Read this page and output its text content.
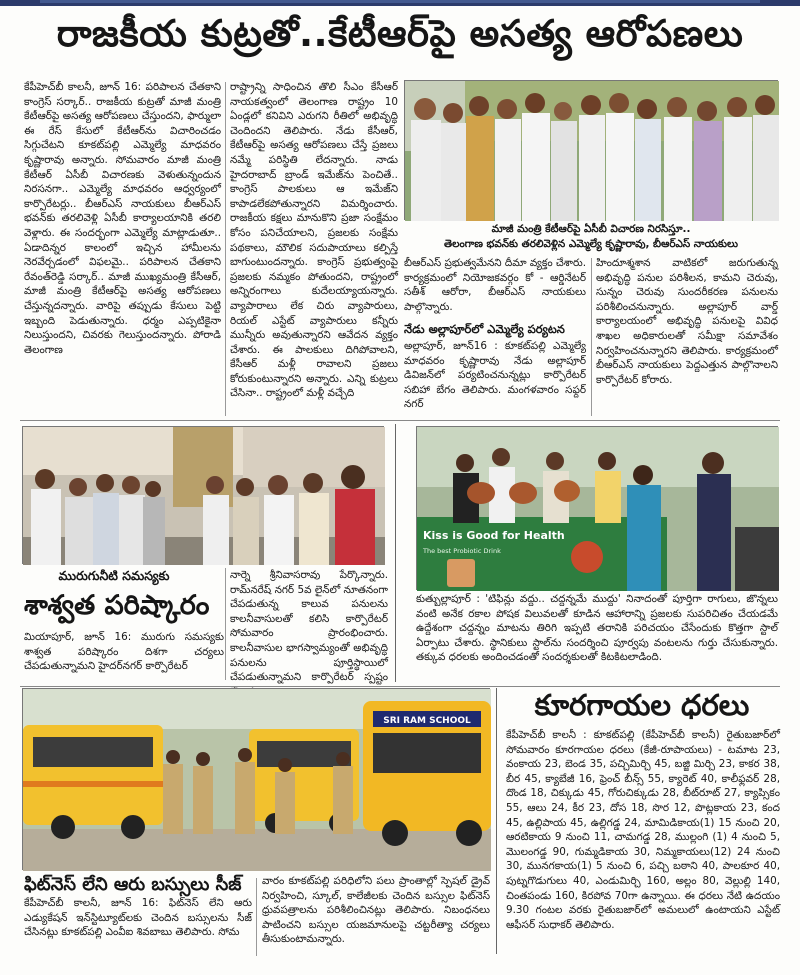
రాజకీయ కుట్రతో..కేటీఆర్‌పై అసత్య ఆరోపణలు
కేపీహెచ్‌బీ కాలనీ, జూన్ 16: పరిపాలన చేతకాని కాంగ్రెస్ సర్కార్.. రాజకీయ కుట్రతో మాజీ మంత్రి కేటీఆర్‌పై అసత్య ఆరోపణలు చేస్తుందని, ఫార్ములా ఈ రేస్ కేసులో కేటీఆర్‌ను విచారించడం సిగ్గుచేటని కూకట్‌పల్లి ఎమ్మెల్యే మాధవరం కృష్ణారావు అన్నారు. సోమవారం మాజీ మంత్రి కేటీఆర్ ఏసీబీ విచారణకు వెళుతున్నందున నిరసనగా.. ఎమ్మెల్యే మాధవరం ఆధ్వర్యంలో కార్పొరేటర్లు.. బీఆర్ఎస్ నాయకులు బీఆర్ఎస్ భవన్‌కు తరలివెళ్లి ఏసీబీ కార్యాలయానికి తరలి వెళ్లారు. ఈ సందర్భంగా ఎమ్మెల్యే మాట్లాడుతూ.. ఏడాదిన్నర కాలంలో ఇచ్చిన హామీలను నెరవేర్చడంలో విఫలమై.. పరిపాలన చేతకాని రేవంత్‌రెడ్డి సర్కార్.. మాజీ ముఖ్యమంత్రి కేసీఆర్, మాజీ మంత్రి కేటీఆర్‌పై అసత్య ఆరోపణలు చేస్తున్నదన్నారు. వారిపై తప్పుడు కేసులు పెట్టి ఇబ్బంది పెడుతున్నారు. ధర్మం ఎప్పటికైనా నిలుస్తుందని, చివరకు గెలుస్తుందన్నారు. పోరాడి తెలంగాణ
రాష్ట్రాన్ని సాధించిన తొలి సీఎం కేసీఆర్ నాయకత్వంలో తెలంగాణ రాష్ట్రం 10 ఏండ్లలో కనివిని ఎరుగని రీతిలో అభివృద్ధి చెందిందని తెలిపారు. నేడు కేసీఆర్, కేటీఆర్‌పై అసత్య ఆరోపణలు చేస్తే ప్రజలు నమ్మే పరిస్థితి లేదన్నారు. నాడు హైదరాబాద్ బ్రాండ్ ఇమేజ్‌ను పెంచితే.. కాంగ్రెస్ పాలకులు ఆ ఇమేజ్‌ని కాపాడలేకపోతున్నారని విమర్శించారు. రాజకీయ కక్షలు మానుకొని ప్రజా సంక్షేమం కోసం పనిచేయాలని, ప్రజలకు సంక్షేమ పథకాలు, మౌలిక సదుపాయాలు కల్పిస్తే బాగుంటుందన్నారు. కాంగ్రెస్ ప్రభుత్వంపై ప్రజలకు నమ్మకం పోతుందని, రాష్ట్రంలో అన్నిరంగాలు కుదేలయ్యాయన్నారు. వ్యాపారాలు లేక చిరు వ్యాపారులు, రియల్ ఎస్టేట్ వ్యాపారులు కన్నీరు మున్నీరు అవుతున్నారని ఆవేదన వ్యక్తం చేశారు. ఈ పాలకులు దిగిపోవాలని, కేసీఆర్ మళ్లీ రావాలని ప్రజలు కోరుకుంటున్నారని అన్నారు. ఎన్ని కుట్రలు చేసినా.. రాష్ట్రంలో మళ్లీ వచ్చేది
మాజీ మంత్రి కేటీఆర్‌పై ఏసీబీ విచారణ నిరసిస్తూ..
తెలంగాణ భవన్‌కు తరలివెళ్లిన ఎమ్మెల్యే కృష్ణారావు, బీఆర్ఎస్ నాయకులు
బీఆర్ఎస్ ప్రభుత్వమేనని దీమా వ్యక్తం చేశారు. కార్యక్రమంలో నియోజకవర్గం కో - ఆర్డినేటర్ సతీశ్ ఆరోరా, బీఆర్ఎస్ నాయకులు పాల్గొన్నారు.
నేడు అల్లాపూర్‌లో ఎమ్మెల్యే పర్యటన
అల్లాపూర్, జూన్16 : కూకట్‌పల్లి ఎమ్మెల్యే మాధవరం కృష్ణారావు నేడు అల్లాపూర్ డివిజన్‌లో పర్యటించనున్నట్లు కార్పొరేటర్ సబిహా బేగం తెలిపారు. మంగళవారం సఫ్దర్ నగర్
హిందూశ్మశాన వాటికలో జరుగుతున్న అభివృద్ధి పనుల పరిశీలన, కామని చెరువు, సున్నం చెరువు సుందరీకరణ పనులను పరిశీలించనున్నారు. అల్లాపూర్ వార్డ్ కార్యాలయంలో అభివృద్ధి పనులపై వివిధ శాఖల అధికారులతో సమీక్షా సమావేశం నిర్వహించనున్నారని తెలిపారు. కార్యక్రమంలో బీఆర్ఎస్ నాయకులు పెద్దఎత్తున పాల్గొనాలని కార్పొరేటర్ కోరారు.
మురుగునీటి సమస్యకు
శాశ్వత పరిష్కారం
మియాపూర్, జూన్ 16: మురుగు సమస్యకు శాశ్వత పరిష్కారం దిశగా చర్యలు చేపడుతున్నామని హైదర్‌నగర్ కార్పొరేటర్
నార్నె శ్రీనివాసరావు పేర్కొన్నారు. రామ్‌నరేష్ నగర్ 5వ లైన్‌లో నూతనంగా చేపడుతున్న కాలువ పనులను కాలనీవాసులతో కలిసి కార్పొరేటర్ సోమవారం ప్రారంభించారు. కాలనీవాసుల భాగస్వామ్యంతో అభివృద్ధి పనులను పూర్తిస్థాయిలో చేపడుతున్నామని కార్పొరేటర్ స్పష్టం
Kiss is Good for Health
The best Probiotic Drink
కుత్బుల్లాపూర్ : 'టిఫిన్లు వద్దు.. చద్దన్నమే ముద్దు' నినాదంతో పూర్తిగా రాగులు, జొన్నలు వంటి అనేక రకాల పోషక విలువలతో కూడిన ఆహారాన్ని ప్రజలకు సుపరిచితం చేయడమే ఉద్దేశంగా చద్దన్నం మాటను తిరిగి ఇప్పటి తరానికి పరిచయం చేసేందుకు కొత్తగా స్టాల్ ఏర్పాటు చేశారు. స్థానికులు స్టాల్‌ను సందర్శించి పూర్వపు వంటలను గుర్తు చేసుకున్నారు. తక్కువ ధరలకు అందించడంతో సందర్శకులతో కిటకిటలాడింది.
SRI RAM SCHOOL
ఫిట్‌నెస్ లేని ఆరు బస్సులు సీజ్
కేపీహెచ్‌బీ కాలనీ, జూన్ 16: ఫిట్‌నెస్ లేని ఆరు ఎడ్యుకేషన్ ఇన్‌స్టిట్యూట్‌లకు చెందిన బస్సులను సీజ్ చేసినట్లు కూకట్‌పల్లి ఎంవీఐ శివబాబు తెలిపారు. సోమ
వారం కూకట్‌పల్లి పరిధిలోని పలు ప్రాంతాల్లో స్పెషల్ డ్రైవ్ నిర్వహించి, స్కూల్, కాలేజీలకు చెందిన బస్సుల ఫిట్‌నెస్ ధ్రువపత్రాలను పరిశీలించినట్లు తెలిపారు. నిబంధనలు పాటించని బస్సుల యజమానులపై చట్టరీత్యా చర్యలు తీసుకుంటామన్నారు.
కూరగాయల ధరలు
కేపీహెచ్‌బీ కాలనీ : కూకట్‌పల్లి (కేపీహెచ్‌బీ కాలనీ) రైతుబజార్‌లో సోమవారం కూరగాయల ధరలు (కేజీ-రూపాయలు) - టమాట 23, వంకాయ 23, బెండ 35, పచ్చిమిర్చి 45, బజ్జి మిర్చి 23, కాకర 38, బీర 45, క్యాబేజీ 16, ఫ్రెంచ్ బీన్స్ 55, క్యారెట్ 40, కాలీఫ్లవర్ 28, దొండ 18, చిక్కుడు 45, గోరుచిక్కుడు 28, బీట్‌రూట్ 27, క్యాప్సికం 55, ఆలు 24, కీర 23, దోస 18, సొర 12, పొట్లకాయ 23, కంద 45, ఉల్లిపాయ 45, ఉల్లిగడ్డ 24, మామిడికాయ(1) 15 నుంచి 20, ఆరటికాయ 9 నుంచి 11, చామగడ్డ 28, ముల్లంగి (1) 4 నుంచి 5, మొలంగడ్డ 90, గుమ్మడికాయ 30, నిమ్మకాయలు(12) 24 నుంచి 30, మునగకాయ(1) 5 నుంచి 6, పచ్చి బఠాని 40, పాలకూర 40, పుట్నగొడుగులు 40, ఎండుమిర్చి 160, అల్లం 80, వెల్లుల్లి 140, చింతపండు 160, కిరపోవ 70గా ఉన్నాయి. ఈ ధరలు నేటి ఉదయం 9.30 గంటల వరకు రైతుబజార్‌లో అమలులో ఉంటాయని ఎస్టేట్ ఆఫీసర్ సుధాకర్ తెలిపారు.
